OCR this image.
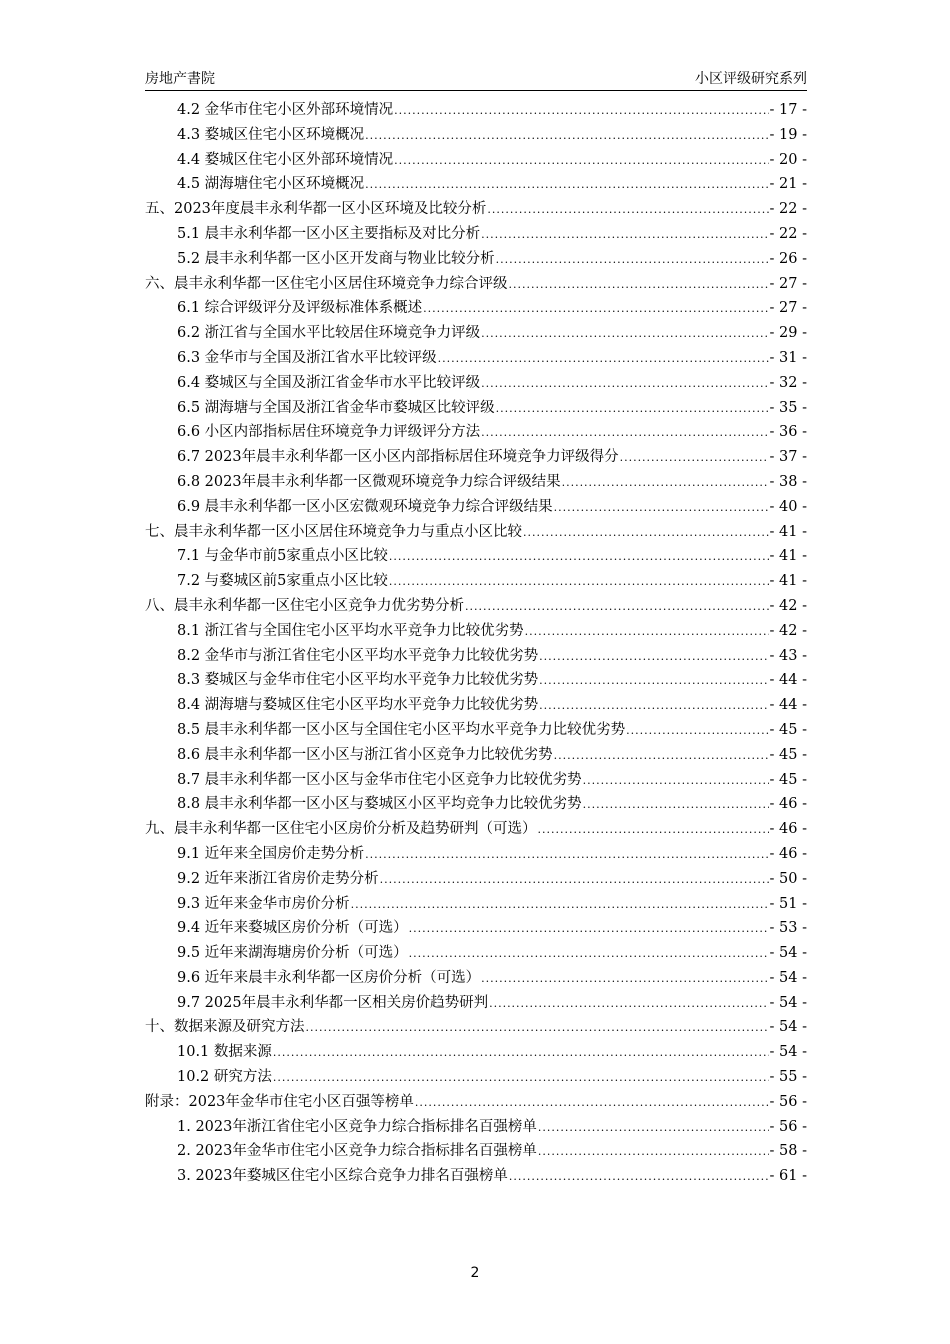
房地产書院	小区评级研究系列
4.2 金华市住宅小区外部环境情况 .....	- 17 -
4.3 婺城区住宅小区环境概况 .....	- 19 -
4.4 婺城区住宅小区外部环境情况 .....	- 20 -
4.5 湖海塘住宅小区环境概况 .....	- 21 -
五、2023年度晨丰永利华都一区小区环境及比较分析 .....	- 22 -
5.1 晨丰永利华都一区小区主要指标及对比分析 .....	- 22 -
5.2 晨丰永利华都一区小区开发商与物业比较分析 .....	- 26 -
六、晨丰永利华都一区住宅小区居住环境竞争力综合评级 .....	- 27 -
6.1 综合评级评分及评级标准体系概述 .....	- 27 -
6.2 浙江省与全国水平比较居住环境竞争力评级 .....	- 29 -
6.3 金华市与全国及浙江省水平比较评级 .....	- 31 -
6.4 婺城区与全国及浙江省金华市水平比较评级 .....	- 32 -
6.5 湖海塘与全国及浙江省金华市婺城区比较评级 .....	- 35 -
6.6 小区内部指标居住环境竞争力评级评分方法 .....	- 36 -
6.7 2023年晨丰永利华都一区小区内部指标居住环境竞争力评级得分 .....	- 37 -
6.8 2023年晨丰永利华都一区微观环境竞争力综合评级结果 .....	- 38 -
6.9 晨丰永利华都一区小区宏微观环境竞争力综合评级结果 .....	- 40 -
七、晨丰永利华都一区小区居住环境竞争力与重点小区比较 .....	- 41 -
7.1 与金华市前5家重点小区比较 .....	- 41 -
7.2 与婺城区前5家重点小区比较 .....	- 41 -
八、晨丰永利华都一区住宅小区竞争力优劣势分析 .....	- 42 -
8.1 浙江省与全国住宅小区平均水平竞争力比较优劣势 .....	- 42 -
8.2 金华市与浙江省住宅小区平均水平竞争力比较优劣势 .....	- 43 -
8.3 婺城区与金华市住宅小区平均水平竞争力比较优劣势 .....	- 44 -
8.4 湖海塘与婺城区住宅小区平均水平竞争力比较优劣势 .....	- 44 -
8.5 晨丰永利华都一区小区与全国住宅小区平均水平竞争力比较优劣势 .....	- 45 -
8.6 晨丰永利华都一区小区与浙江省小区竞争力比较优劣势 .....	- 45 -
8.7 晨丰永利华都一区小区与金华市住宅小区竞争力比较优劣势 .....	- 45 -
8.8 晨丰永利华都一区小区与婺城区小区平均竞争力比较优劣势 .....	- 46 -
九、晨丰永利华都一区住宅小区房价分析及趋势研判（可选） .....	- 46 -
9.1 近年来全国房价走势分析 .....	- 46 -
9.2 近年来浙江省房价走势分析 .....	- 50 -
9.3 近年来金华市房价分析 .....	- 51 -
9.4 近年来婺城区房价分析（可选） .....	- 53 -
9.5 近年来湖海塘房价分析（可选） .....	- 54 -
9.6 近年来晨丰永利华都一区房价分析（可选） .....	- 54 -
9.7 2025年晨丰永利华都一区相关房价趋势研判 .....	- 54 -
十、数据来源及研究方法 .....	- 54 -
10.1 数据来源 .....	- 54 -
10.2 研究方法 .....	- 55 -
附录：2023年金华市住宅小区百强等榜单 .....	- 56 -
1. 2023年浙江省住宅小区竞争力综合指标排名百强榜单 .....	- 56 -
2. 2023年金华市住宅小区竞争力综合指标排名百强榜单 .....	- 58 -
3. 2023年婺城区住宅小区综合竞争力排名百强榜单 .....	- 61 -
2
